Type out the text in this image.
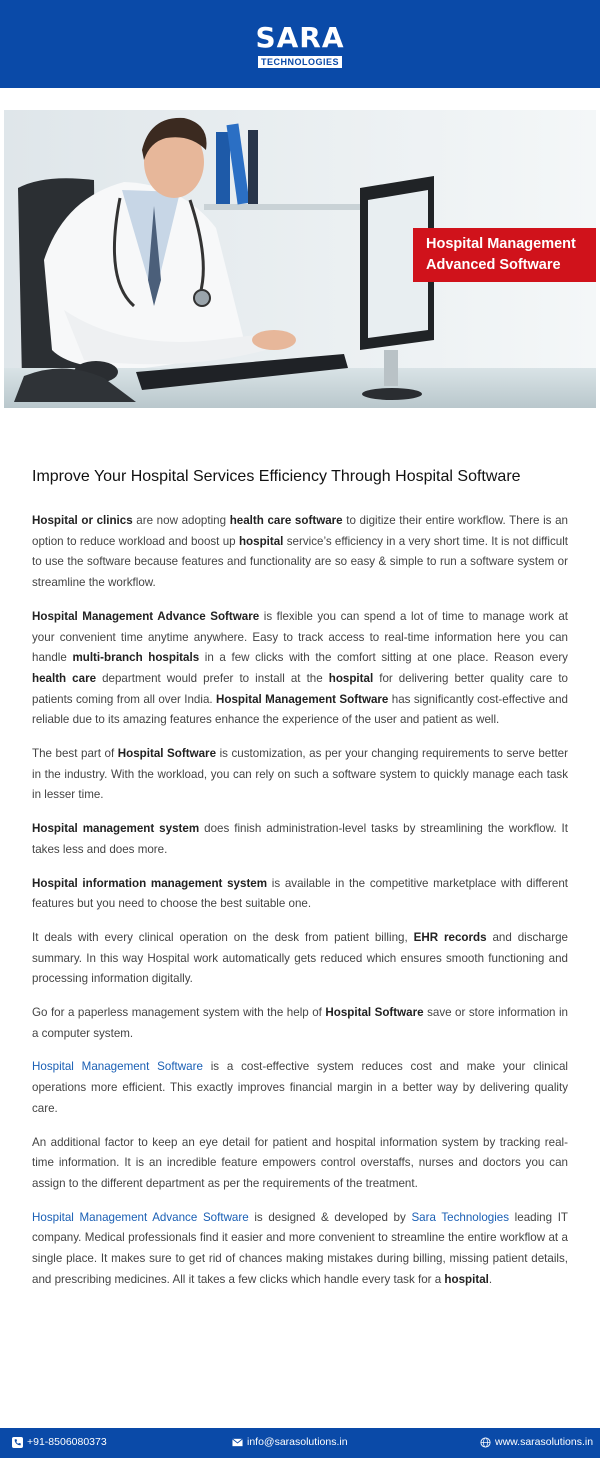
SARA
TECHNOLOGIES
Hospital Management
Advanced Software
Improve Your Hospital Services Efficiency Through Hospital Software

Hospital or clinics are now adopting health care software to digitize their entire workflow. There is an option to reduce workload and boost up hospital service’s efficiency in a very short time. It is not difficult to use the software because features and functionality are so easy & simple to run a software system or streamline the workflow.

Hospital Management Advance Software is flexible you can spend a lot of time to manage work at your convenient time anytime anywhere. Easy to track access to real-time information here you can handle multi-branch hospitals in a few clicks with the comfort sitting at one place. Reason every health care department would prefer to install at the hospital for delivering better quality care to patients coming from all over India. Hospital Management Software has significantly cost-effective and reliable due to its amazing features enhance the experience of the user and patient as well.

The best part of Hospital Software is customization, as per your changing requirements to serve better in the industry. With the workload, you can rely on such a software system to quickly manage each task in lesser time.

Hospital management system does finish administration-level tasks by streamlining the workflow. It takes less and does more.

Hospital information management system is available in the competitive marketplace with different features but you need to choose the best suitable one.

It deals with every clinical operation on the desk from patient billing, EHR records and discharge summary. In this way Hospital work automatically gets reduced which ensures smooth functioning and processing information digitally.

Go for a paperless management system with the help of Hospital Software save or store information in a computer system.

Hospital Management Software is a cost-effective system reduces cost and make your clinical operations more efficient. This exactly improves financial margin in a better way by delivering quality care.

An additional factor to keep an eye detail for patient and hospital information system by tracking real-time information. It is an incredible feature empowers control overstaffs, nurses and doctors you can assign to the different department as per the requirements of the treatment.

Hospital Management Advance Software is designed & developed by Sara Technologies leading IT company. Medical professionals find it easier and more convenient to streamline the entire workflow at a single place. It makes sure to get rid of chances making mistakes during billing, missing patient details, and prescribing medicines. All it takes a few clicks which handle every task for a hospital.

+91-8506080373	info@sarasolutions.in	www.sarasolutions.in
